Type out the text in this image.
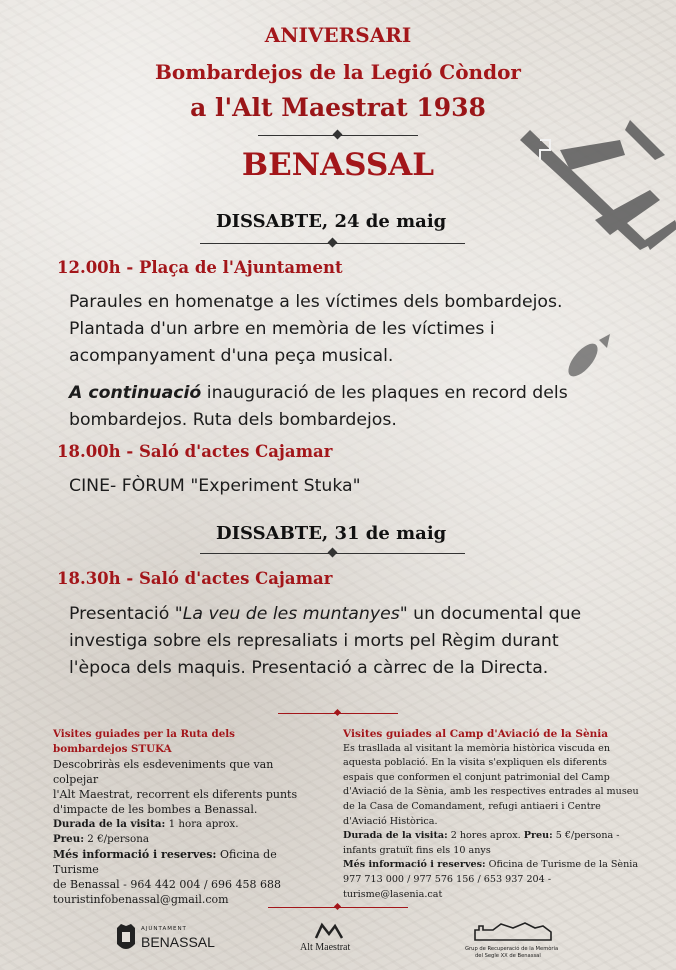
ANIVERSARI
Bombardejos de la Legió Còndor
a l'Alt Maestrat 1938
BENASSAL
DISSABTE, 24 de maig
12.00h - Plaça de l'Ajuntament

Paraules en homenatge a les víctimes dels bombardejos.

Plantada d'un arbre en memòria de les víctimes i

acompanyament d'una peça musical.

A continuació inauguració de les plaques en record dels

bombardejos. Ruta dels bombardejos.

18.00h - Saló d'actes Cajamar

CINE- FÒRUM "Experiment Stuka"

DISSABTE, 31 de maig
18.30h - Saló d'actes Cajamar

Presentació "La veu de les muntanyes" un documental que

investiga sobre els represaliats i morts pel Règim durant

l'època dels maquis. Presentació a càrrec de la Directa.

Visites guiades per la Ruta dels
bombardejos STUKA
Descobriràs els esdeveniments que van colpejar
l'Alt Maestrat, recorrent els diferents punts
d'impacte de les bombes a Benassal.
Durada de la visita: 1 hora aprox.
Preu: 2 €/persona
Més informació i reserves: Oficina de Turisme
de Benassal - 964 442 004 / 696 458 688
touristinfobenassal@gmail.com
Visites guiades al Camp d'Aviació de la Sènia
Es trasllada al visitant la memòria històrica viscuda en
aquesta població. En la visita s'expliquen els diferents
espais que conformen el conjunt patrimonial del Camp
d'Aviació de la Sènia, amb les respectives entrades al museu
de la Casa de Comandament, refugi antiaeri i Centre
d'Aviació Històrica.
Durada de la visita: 2 hores aprox. Preu: 5 €/persona -
infants gratuït fins els 10 anys
Més informació i reserves: Oficina de Turisme de la Sènia
977 713 000 / 977 576 156 / 653 937 204 - turisme@lasenia.cat
AJUNTAMENT
BENASSAL	Alt Maestrat	Grup de Recuperació de la Memòria
del Segle XX de Benassal
